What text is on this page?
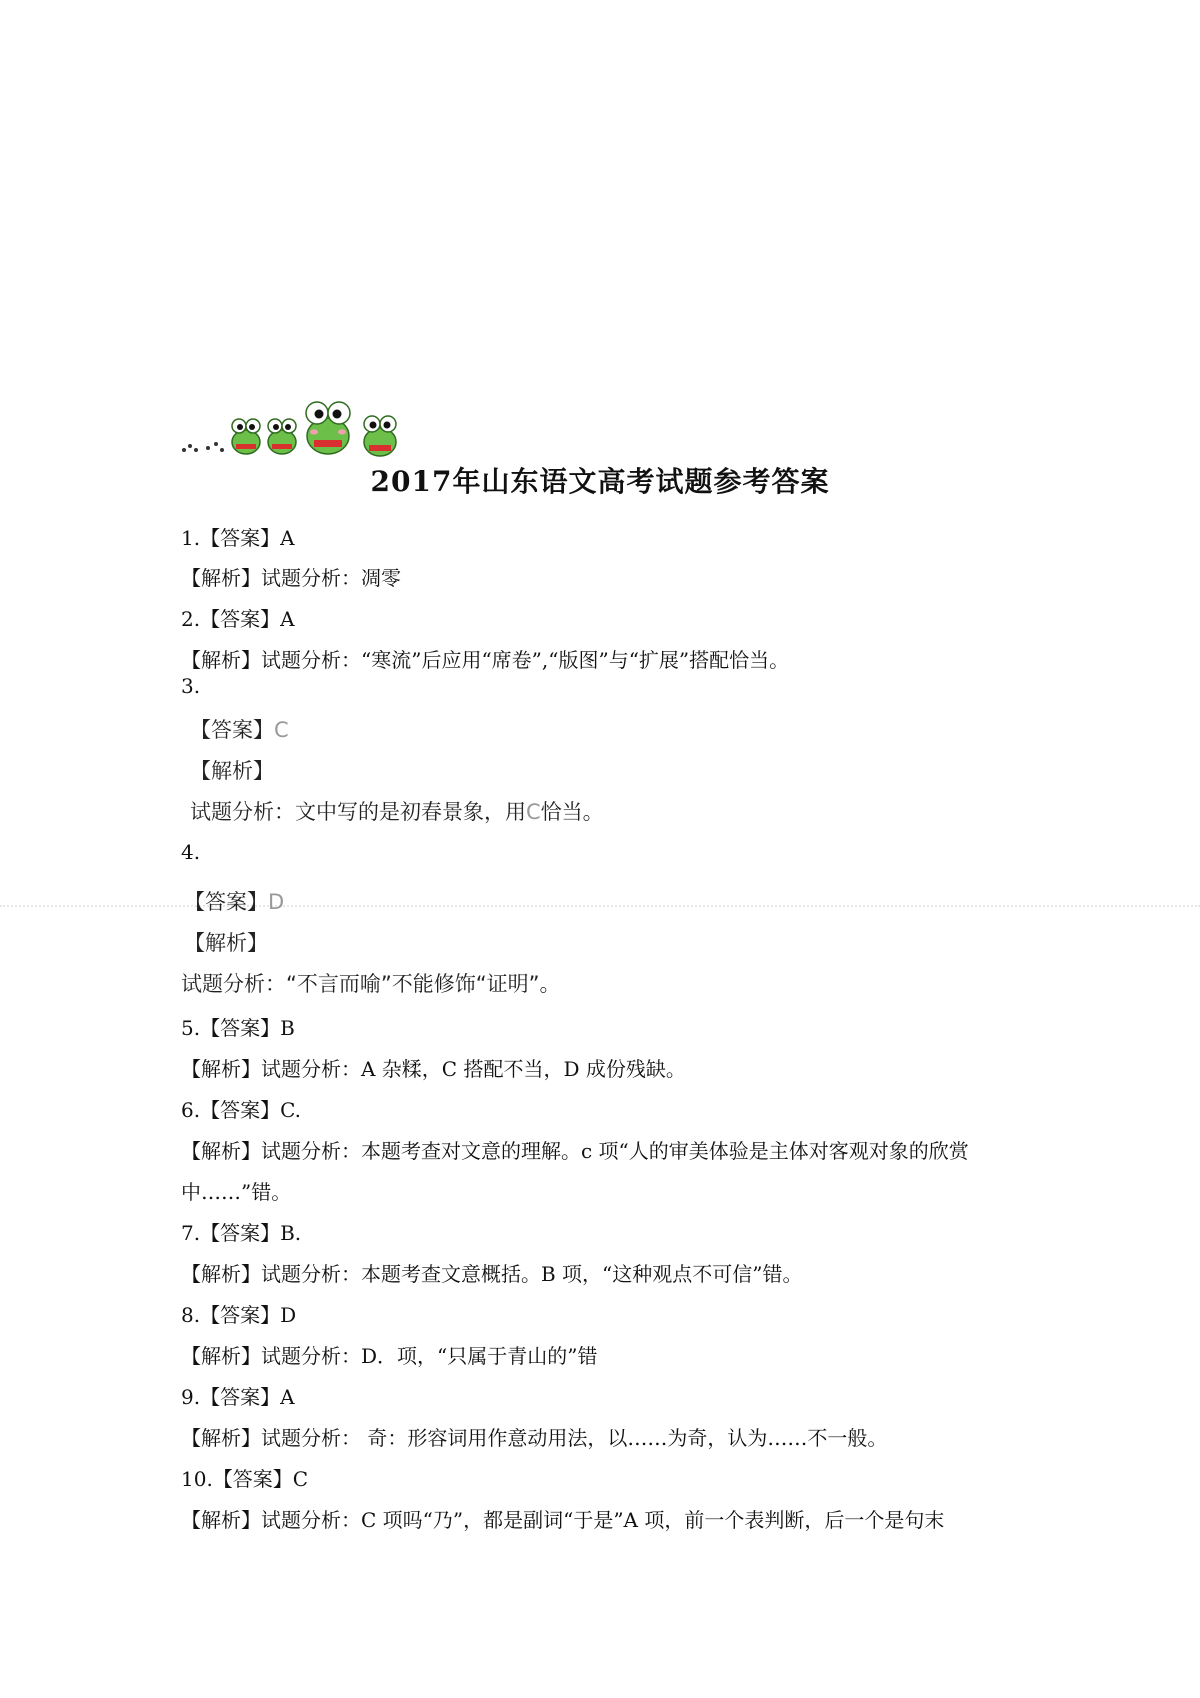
2017年山东语文高考试题参考答案
1.【答案】A
【解析】试题分析：凋零
2.【答案】A
【解析】试题分析：“寒流”后应用“席卷”,“版图”与“扩展”搭配恰当。
3.
【答案】C
【解析】
试题分析：文中写的是初春景象，用C恰当。
4.
【答案】D
【解析】
试题分析：“不言而喻”不能修饰“证明”。
5.【答案】B
【解析】试题分析：A 杂糅，C 搭配不当，D 成份残缺。
6.【答案】C.
【解析】试题分析：本题考查对文意的理解。c 项“人的审美体验是主体对客观对象的欣赏
中……”错。
7.【答案】B.
【解析】试题分析：本题考查文意概括。B 项，“这种观点不可信”错。
8.【答案】D
【解析】试题分析：D．项，“只属于青山的”错
9.【答案】A
【解析】试题分析： 奇：形容词用作意动用法，以……为奇，认为……不一般。
10.【答案】C
【解析】试题分析：C 项吗“乃”，都是副词“于是”A 项，前一个表判断，后一个是句末
